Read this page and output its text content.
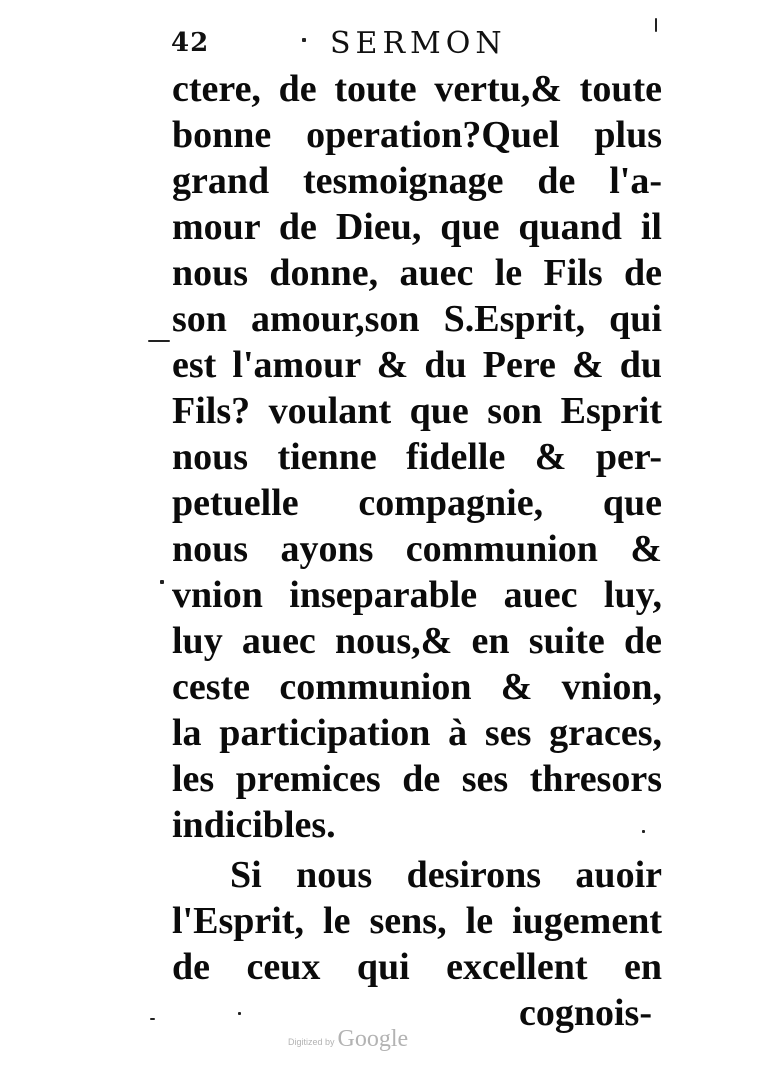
42	SERMON
ctere, de toute vertu,& toute
bonne operation?Quel plus
grand tesmoignage de l'a-
mour de Dieu, que quand il
nous donne, auec le Fils de
son amour,son S.Esprit, qui
est l'amour & du Pere & du
Fils? voulant que son Esprit
nous tienne fidelle & per-
petuelle compagnie, que
nous ayons communion &
vnion inseparable auec luy,
luy auec nous,& en suite de
ceste communion & vnion,
la participation à ses graces,
les premices de ses thresors
indicibles.
Si nous desirons auoir
l'Esprit, le sens, le iugement
de ceux qui excellent en
cognois-
Digitized by Google
